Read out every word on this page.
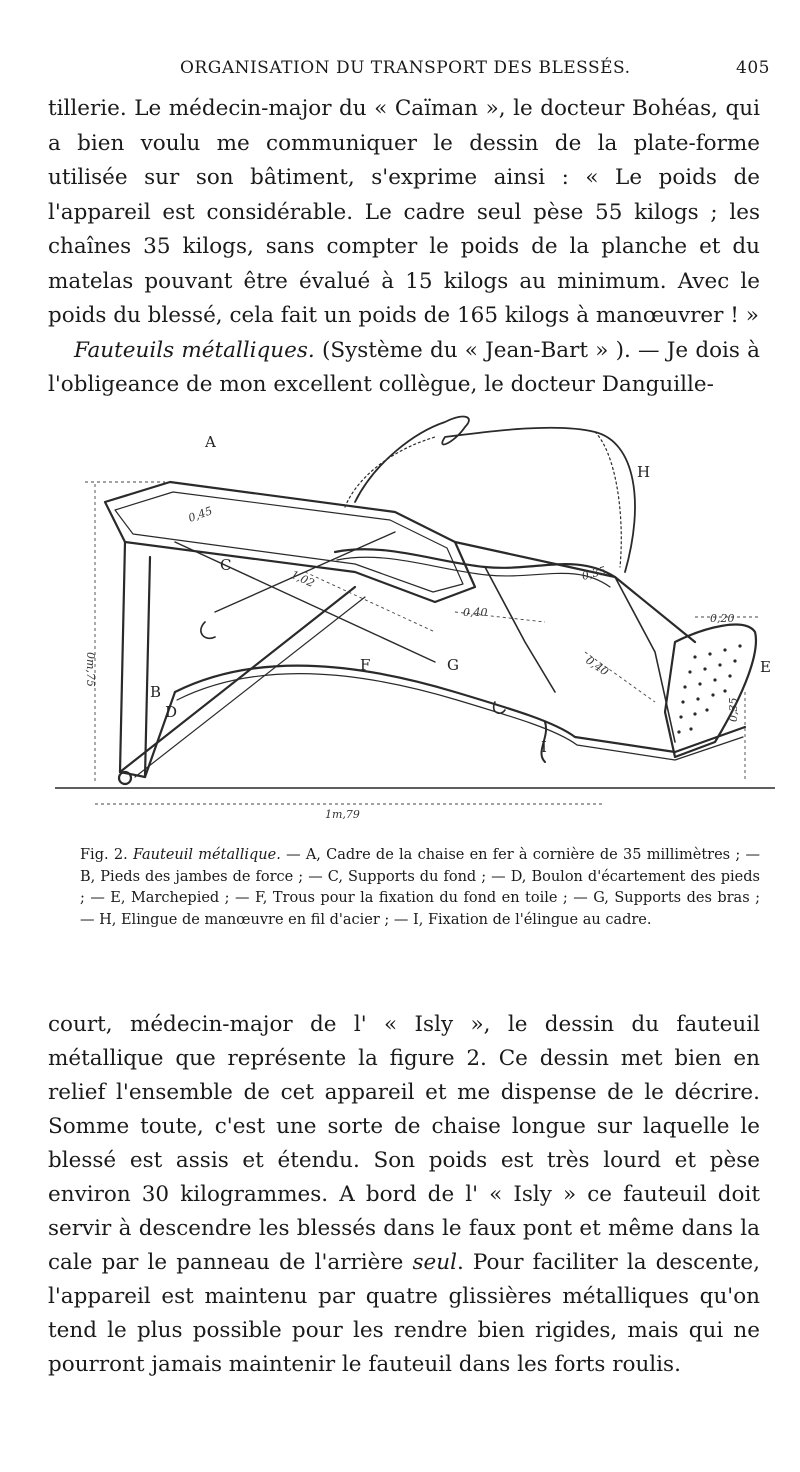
ORGANISATION DU TRANSPORT DES BLESSÉS.	405

tillerie. Le médecin-major du « Caïman », le docteur Bohéas, qui a bien voulu me communiquer le dessin de la plate-forme utilisée sur son bâtiment, s'exprime ainsi : « Le poids de l'appareil est considérable. Le cadre seul pèse 55 kilogs ; les chaînes 35 kilogs, sans compter le poids de la planche et du matelas pouvant être évalué à 15 kilogs au minimum. Avec le poids du blessé, cela fait un poids de 165 kilogs à manœuvrer ! »
Fauteuils métalliques. (Système du « Jean-Bart » ). — Je dois à l'obligeance de mon excellent collègue, le docteur Danguille-

0,45
1,02	0,35
0,40
0,40
0,20
0m,75
0,35
1m,79
A
B
C
D
E
F	G
H
I

Fig. 2. Fauteuil métallique. — A, Cadre de la chaise en fer à cornière de 35 millimètres ; — B, Pieds des jambes de force ; — C, Supports du fond ; — D, Boulon d'écartement des pieds ; — E, Marchepied ; — F, Trous pour la fixation du fond en toile ; — G, Supports des bras ; — H, Elingue de manœuvre en fil d'acier ; — I, Fixation de l'élingue au cadre.

court, médecin-major de l' « Isly », le dessin du fauteuil métallique que représente la figure 2. Ce dessin met bien en relief l'ensemble de cet appareil et me dispense de le décrire. Somme toute, c'est une sorte de chaise longue sur laquelle le blessé est assis et étendu. Son poids est très lourd et pèse environ 30 kilogrammes. A bord de l' « Isly » ce fauteuil doit servir à descendre les blessés dans le faux pont et même dans la cale par le panneau de l'arrière seul. Pour faciliter la descente, l'appareil est maintenu par quatre glissières métalliques qu'on tend le plus possible pour les rendre bien rigides, mais qui ne pourront jamais maintenir le fauteuil dans les forts roulis.
